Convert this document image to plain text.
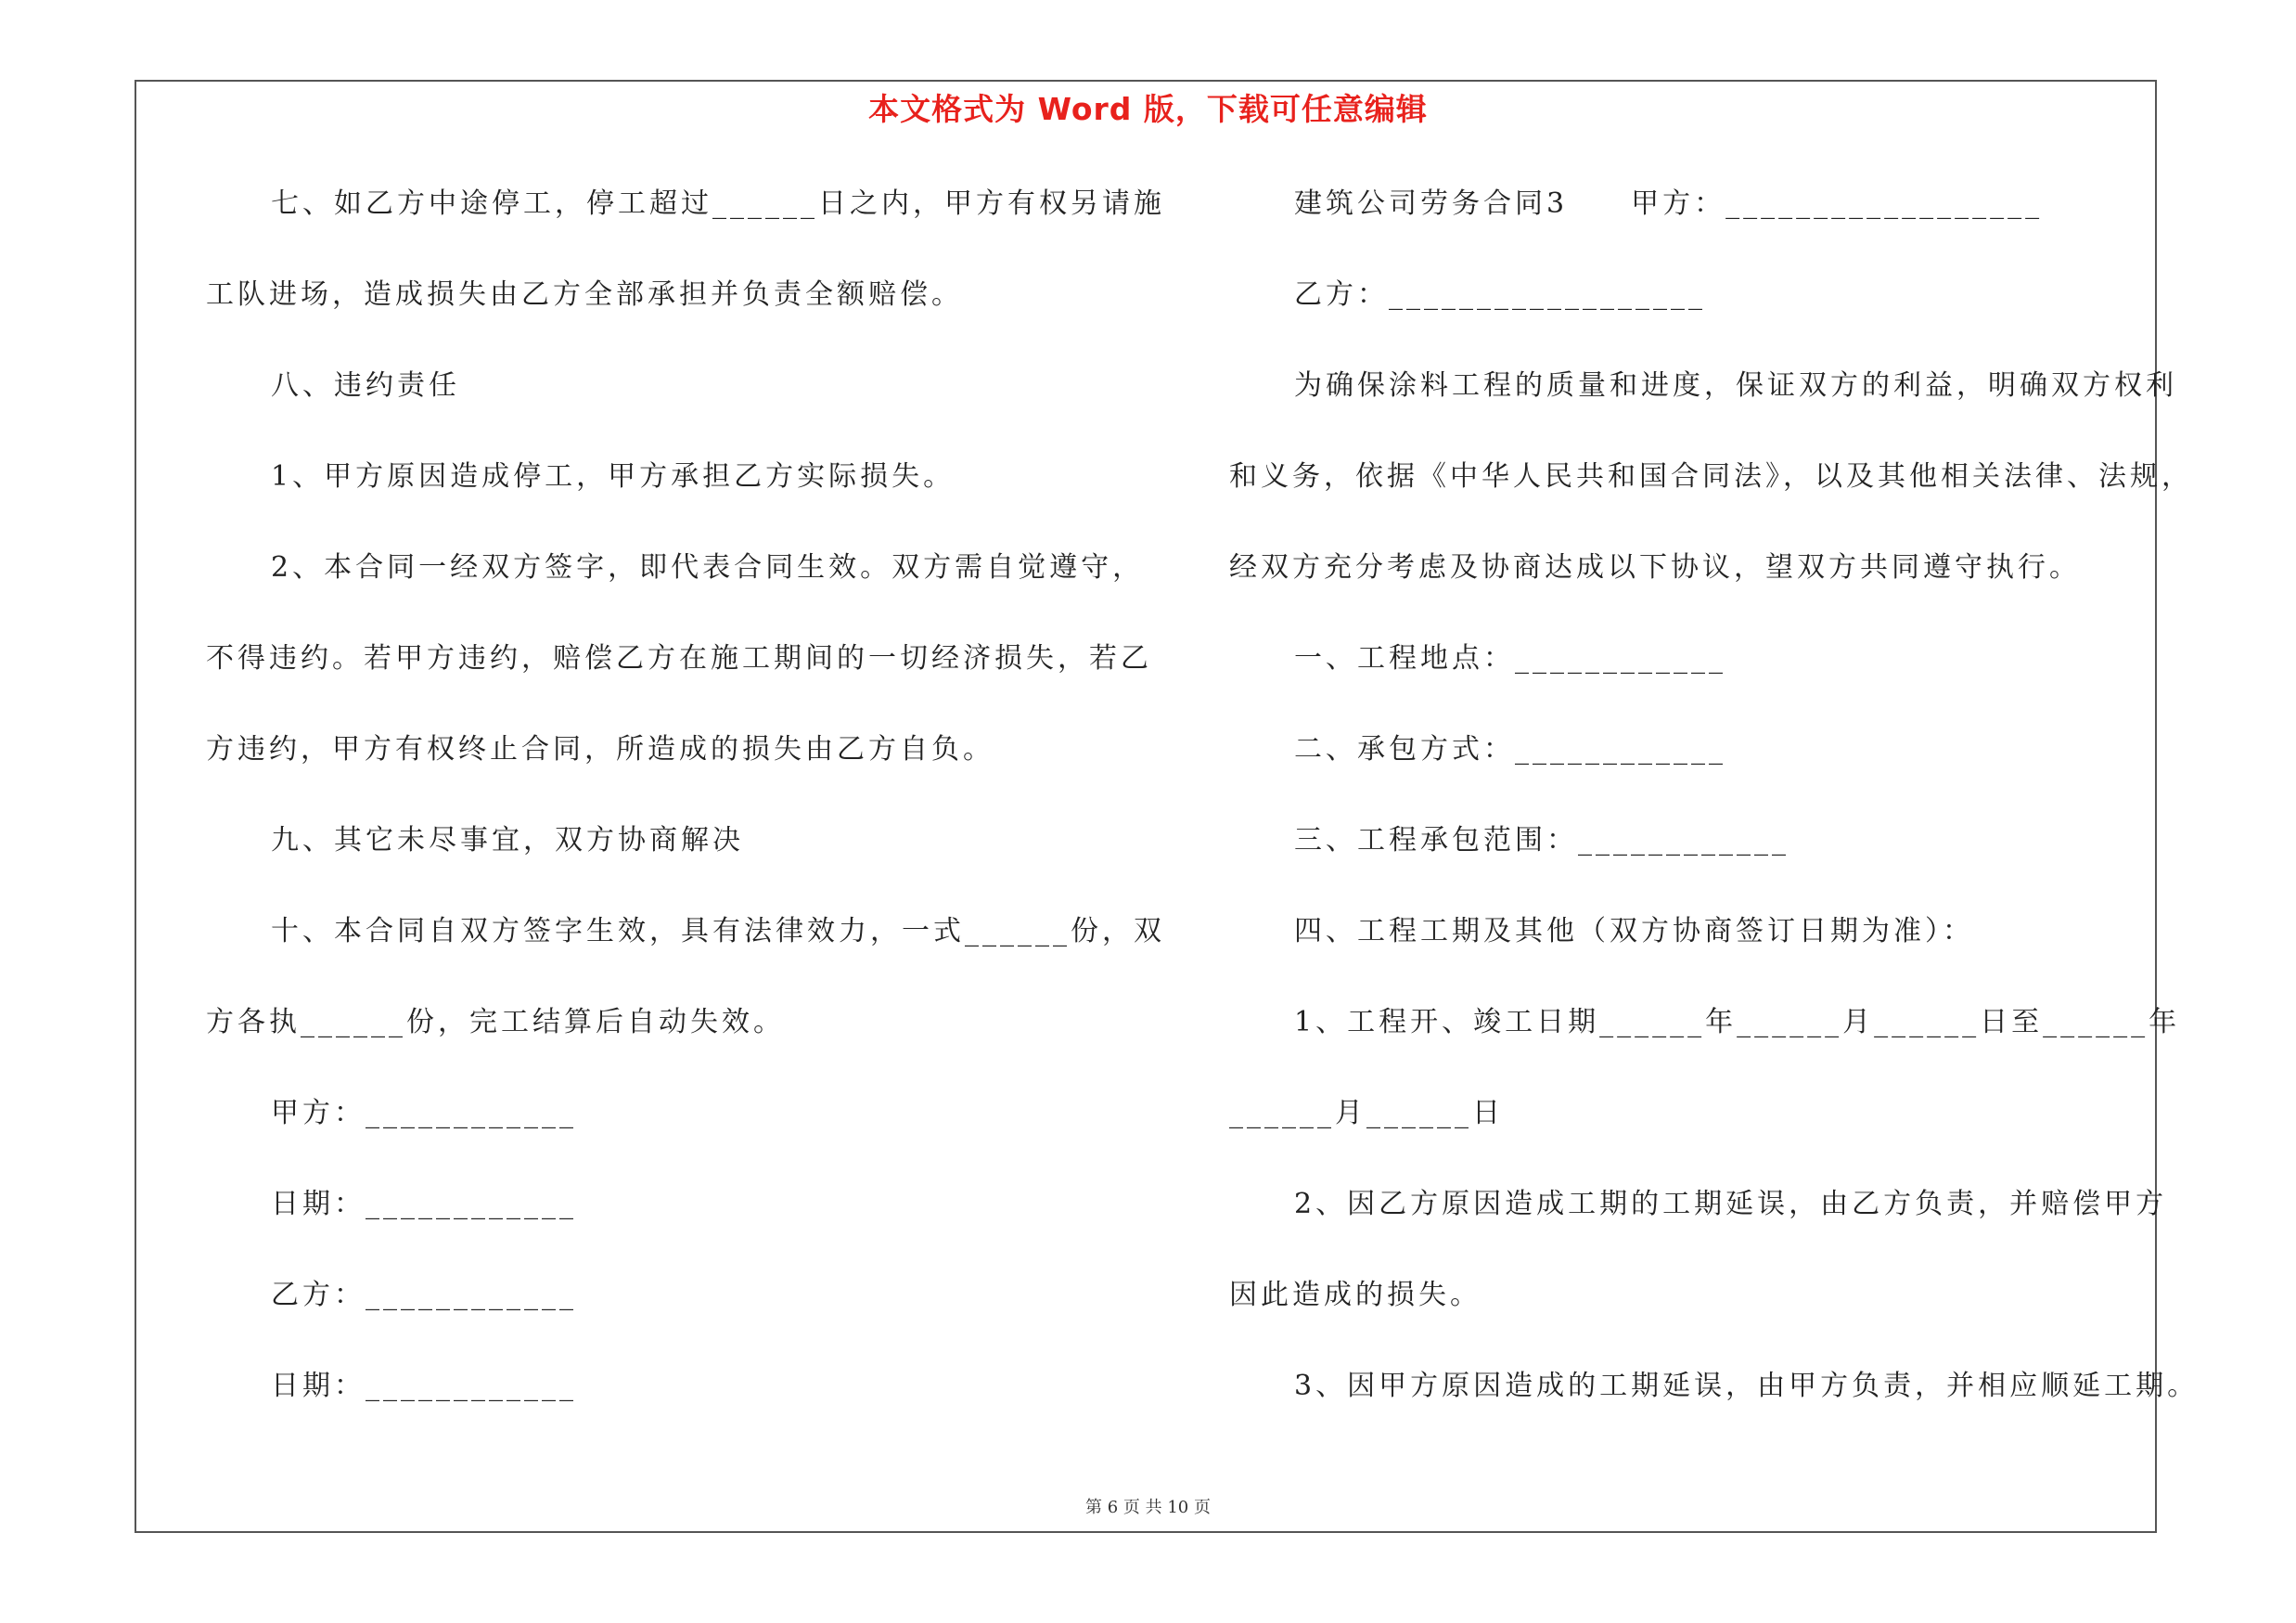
本文格式为 Word 版，下载可任意编辑
七、如乙方中途停工，停工超过______日之内，甲方有权另请施
工队进场，造成损失由乙方全部承担并负责全额赔偿。
八、违约责任
1、甲方原因造成停工，甲方承担乙方实际损失。
2、本合同一经双方签字，即代表合同生效。双方需自觉遵守，
不得违约。若甲方违约，赔偿乙方在施工期间的一切经济损失，若乙
方违约，甲方有权终止合同，所造成的损失由乙方自负。
九、其它未尽事宜，双方协商解决
十、本合同自双方签字生效，具有法律效力，一式______份，双
方各执______份，完工结算后自动失效。
甲方：____________
日期：____________
乙方：____________
日期：____________
建筑公司劳务合同3　　甲方：__________________
乙方：__________________
为确保涂料工程的质量和进度，保证双方的利益，明确双方权利
和义务，依据《中华人民共和国合同法》，以及其他相关法律、法规，
经双方充分考虑及协商达成以下协议，望双方共同遵守执行。
一、工程地点：____________
二、承包方式：____________
三、工程承包范围：____________
四、工程工期及其他（双方协商签订日期为准）：
1、工程开、竣工日期______年______月______日至______年
______月______日
2、因乙方原因造成工期的工期延误，由乙方负责，并赔偿甲方
因此造成的损失。
3、因甲方原因造成的工期延误，由甲方负责，并相应顺延工期。
第 6 页 共 10 页
